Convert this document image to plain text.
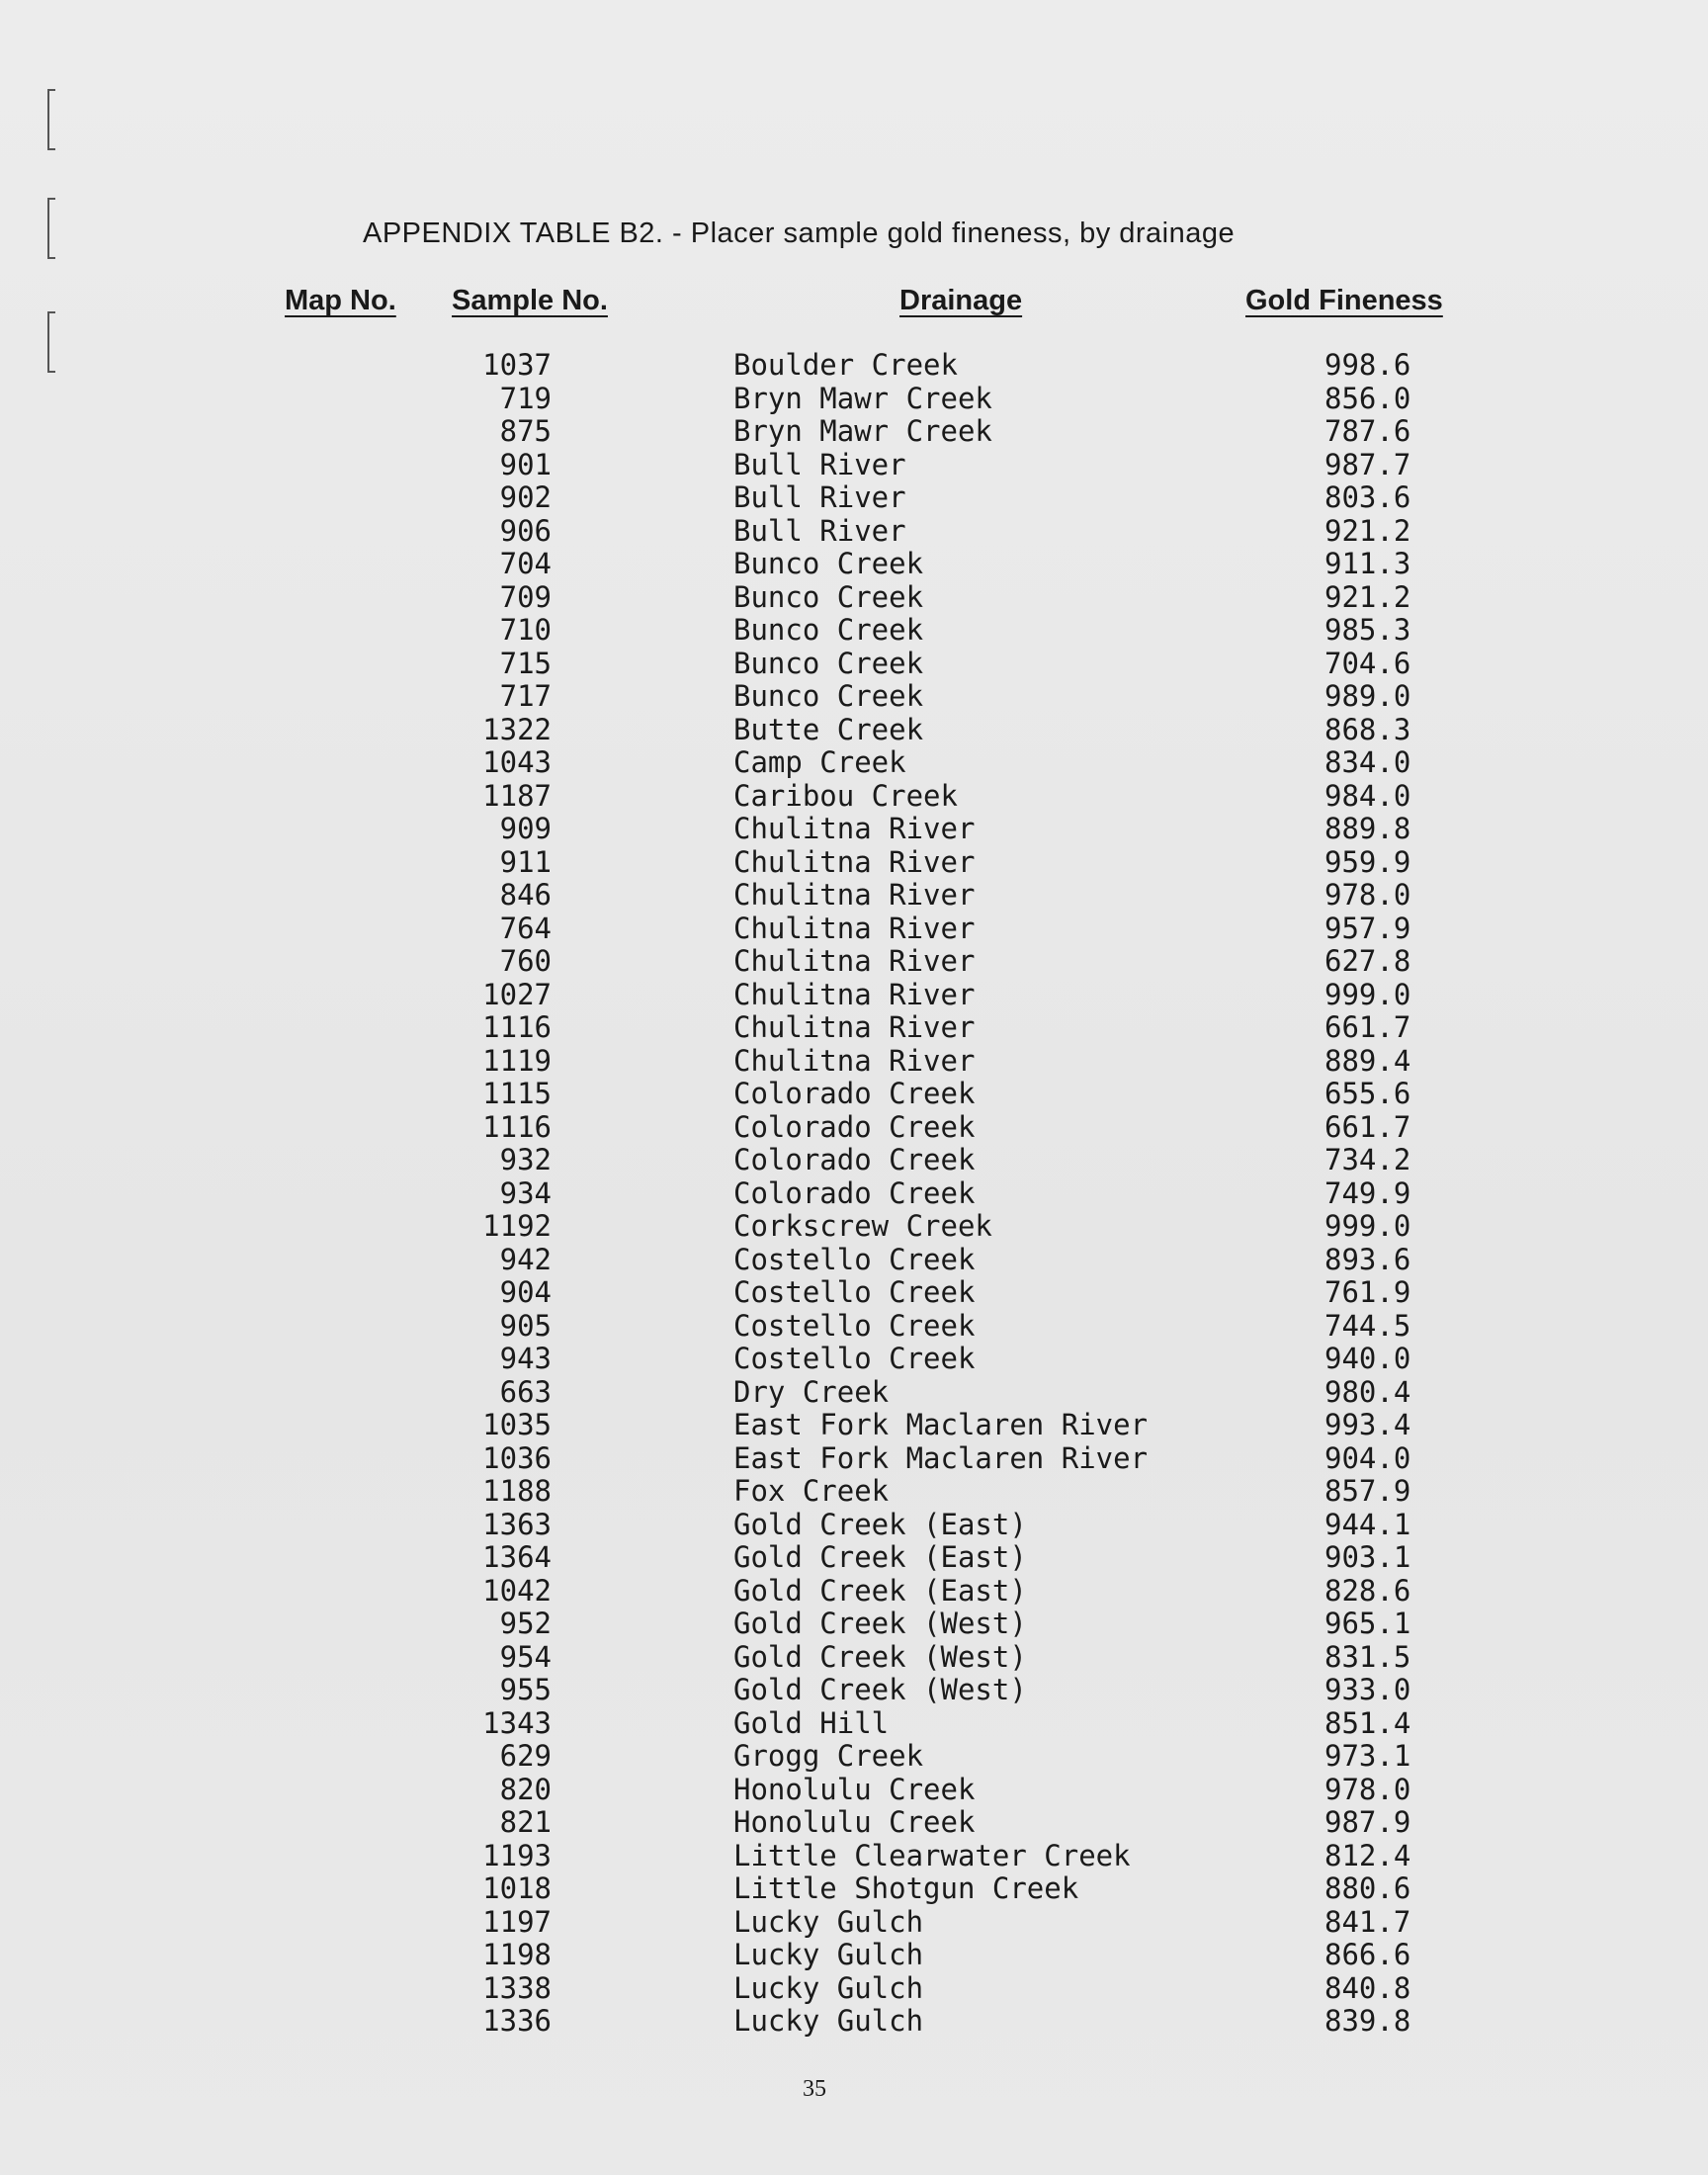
APPENDIX TABLE B2. - Placer sample gold fineness, by drainage
Map No. Sample No.	Drainage	Gold Fineness
1037	Boulder Creek	998.6
719	Bryn Mawr Creek	856.0
875	Bryn Mawr Creek	787.6
901	Bull River	987.7
902	Bull River	803.6
906	Bull River	921.2
704	Bunco Creek	911.3
709	Bunco Creek	921.2
710	Bunco Creek	985.3
715	Bunco Creek	704.6
717	Bunco Creek	989.0
1322	Butte Creek	868.3
1043	Camp Creek	834.0
1187	Caribou Creek	984.0
909	Chulitna River	889.8
911	Chulitna River	959.9
846	Chulitna River	978.0
764	Chulitna River	957.9
760	Chulitna River	627.8
1027	Chulitna River	999.0
1116	Chulitna River	661.7
1119	Chulitna River	889.4
1115	Colorado Creek	655.6
1116	Colorado Creek	661.7
932	Colorado Creek	734.2
934	Colorado Creek	749.9
1192	Corkscrew Creek	999.0
942	Costello Creek	893.6
904	Costello Creek	761.9
905	Costello Creek	744.5
943	Costello Creek	940.0
663	Dry Creek	980.4
1035	East Fork Maclaren River	993.4
1036	East Fork Maclaren River	904.0
1188	Fox Creek	857.9
1363	Gold Creek (East)	944.1
1364	Gold Creek (East)	903.1
1042	Gold Creek (East)	828.6
952	Gold Creek (West)	965.1
954	Gold Creek (West)	831.5
955	Gold Creek (West)	933.0
1343	Gold Hill	851.4
629	Grogg Creek	973.1
820	Honolulu Creek	978.0
821	Honolulu Creek	987.9
1193	Little Clearwater Creek	812.4
1018	Little Shotgun Creek	880.6
1197	Lucky Gulch	841.7
1198	Lucky Gulch	866.6
1338	Lucky Gulch	840.8
1336	Lucky Gulch	839.8
35
